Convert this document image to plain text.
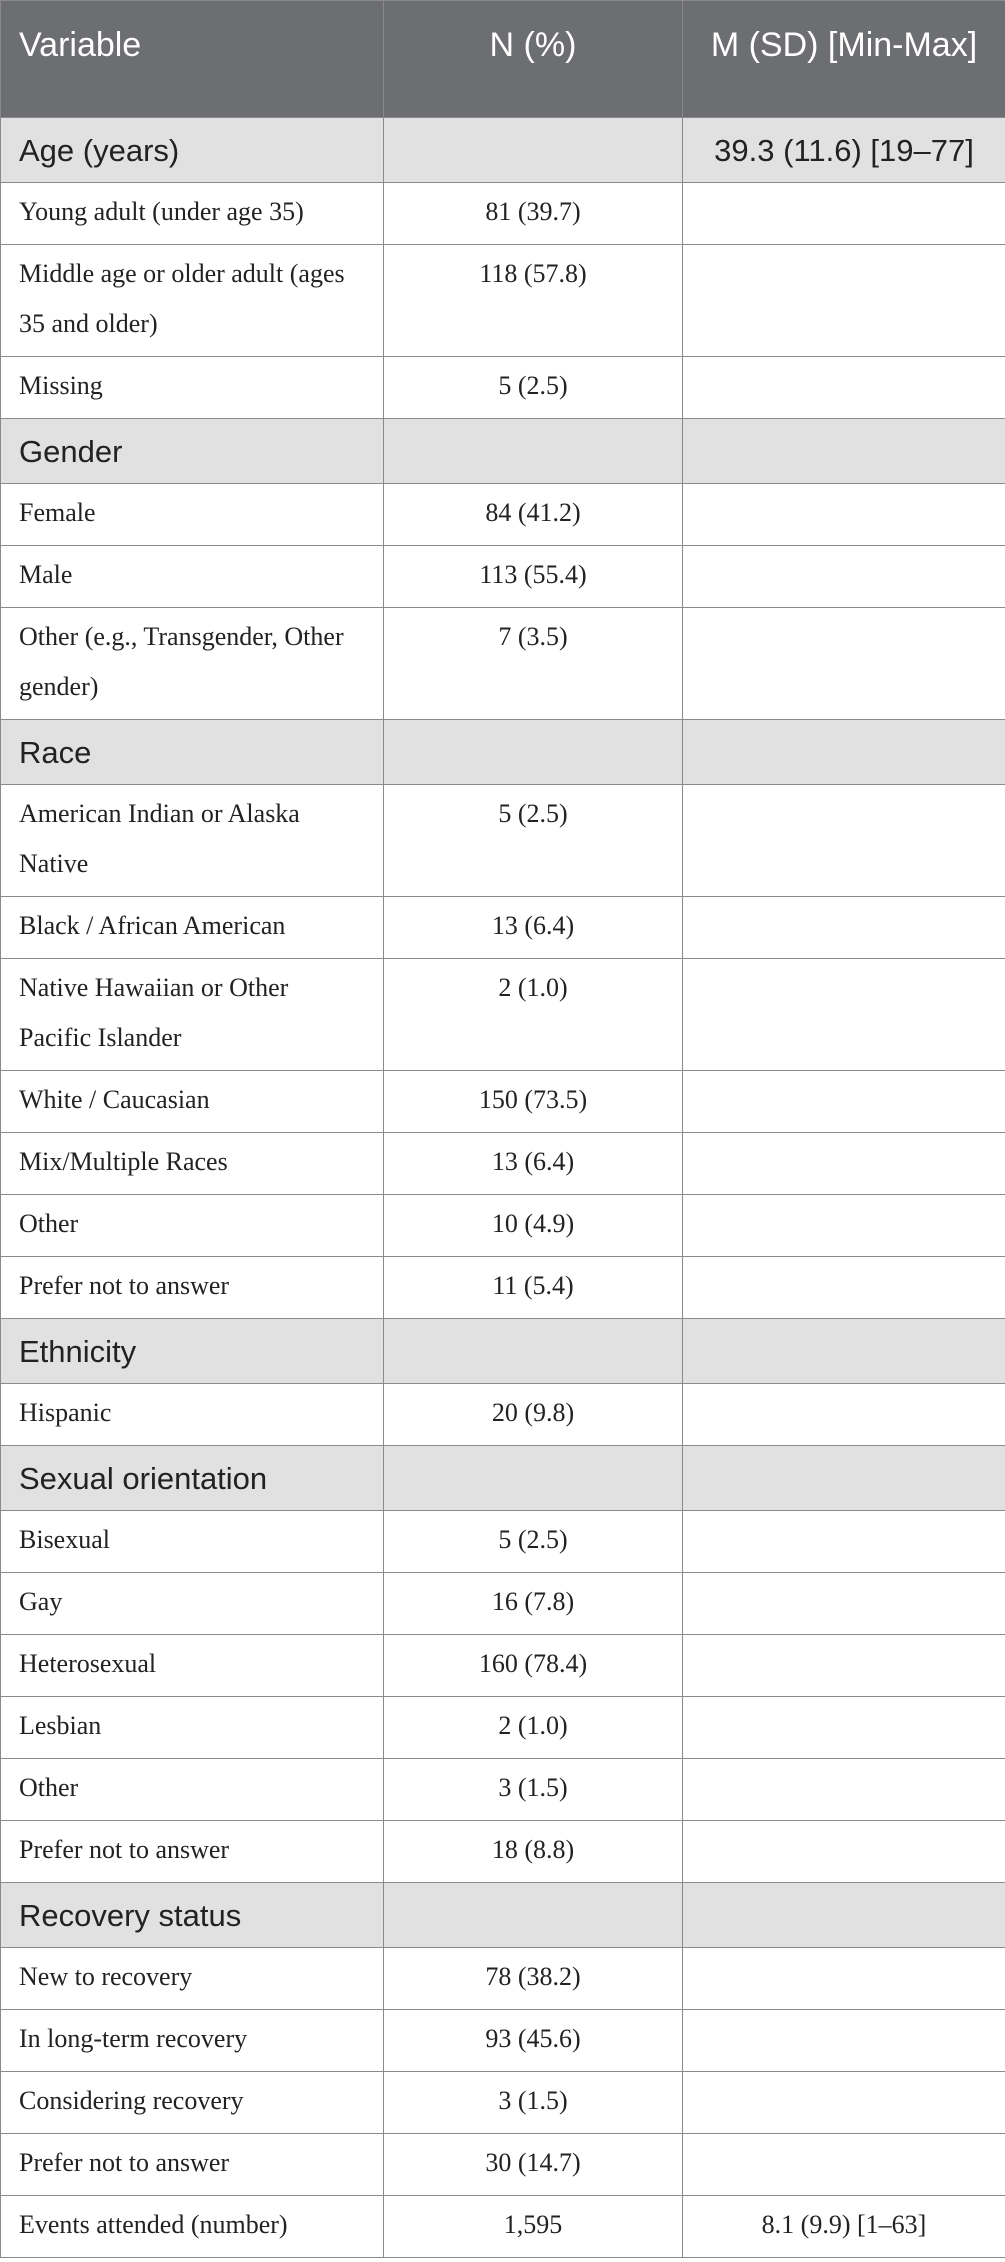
Variable	N (%)	M (SD) [Min-Max]
Age (years)		39.3 (11.6) [19–77]
Young adult (under age 35)	81 (39.7)	
Middle age or older adult (ages 35 and older)	118 (57.8)	
Missing	5 (2.5)	
Gender		
Female	84 (41.2)	
Male	113 (55.4)	
Other (e.g., Transgender, Other gender)	7 (3.5)	
Race		
American Indian or Alaska Native	5 (2.5)	
Black / African American	13 (6.4)	
Native Hawaiian or Other Pacific Islander	2 (1.0)	
White / Caucasian	150 (73.5)	
Mix/Multiple Races	13 (6.4)	
Other	10 (4.9)	
Prefer not to answer	11 (5.4)	
Ethnicity		
Hispanic	20 (9.8)	
Sexual orientation		
Bisexual	5 (2.5)	
Gay	16 (7.8)	
Heterosexual	160 (78.4)	
Lesbian	2 (1.0)	
Other	3 (1.5)	
Prefer not to answer	18 (8.8)	
Recovery status		
New to recovery	78 (38.2)	
In long-term recovery	93 (45.6)	
Considering recovery	3 (1.5)	
Prefer not to answer	30 (14.7)	
Events attended (number)	1,595	8.1 (9.9) [1–63]
